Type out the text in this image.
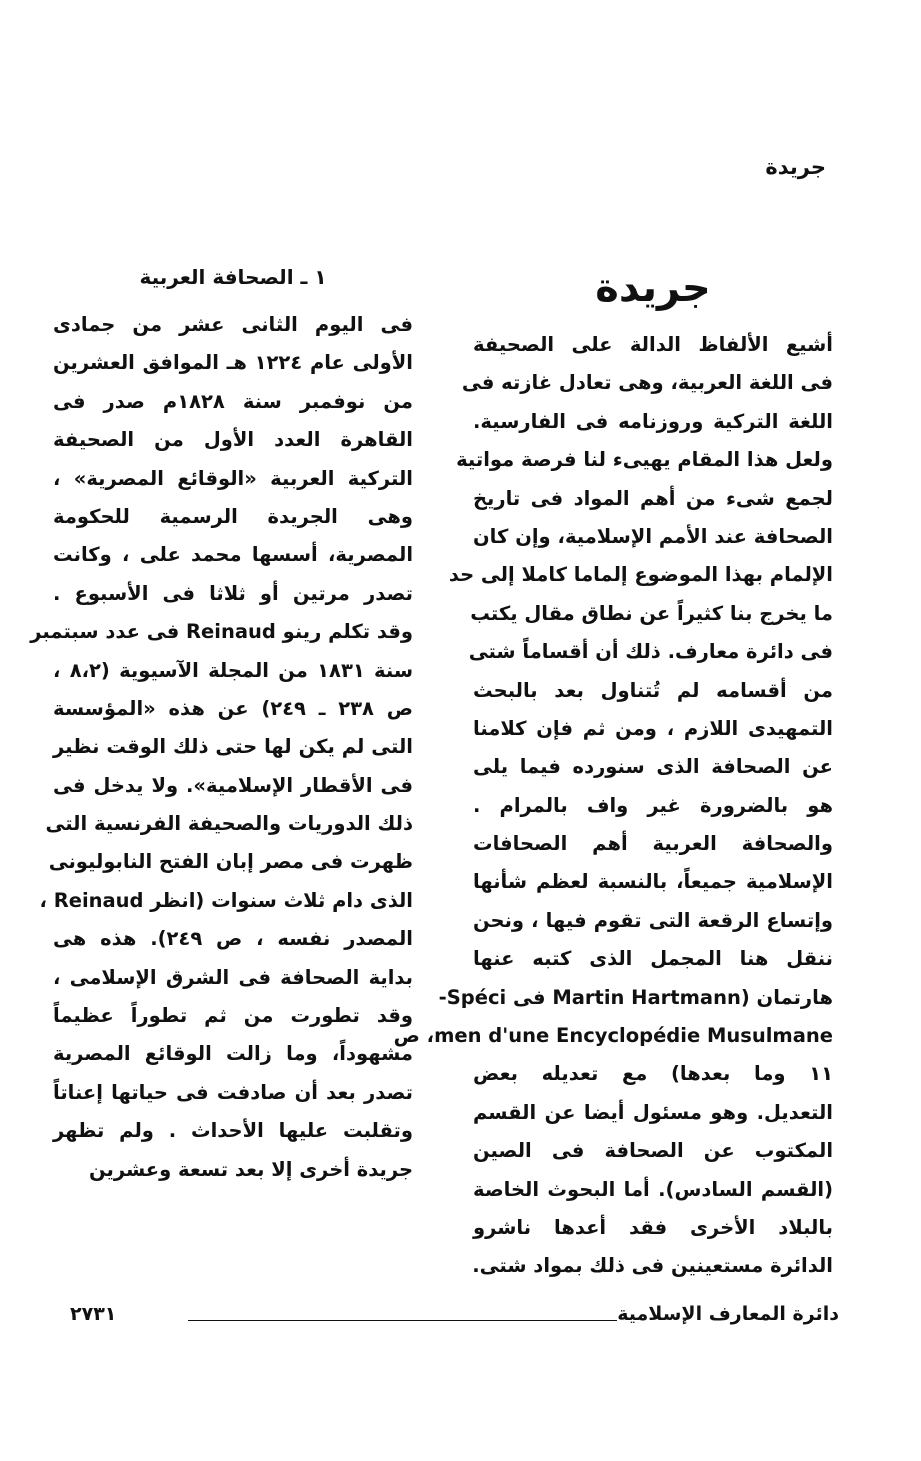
جريدة

جريدة
أشيع الألفاظ الدالة على الصحيفة
فى اللغة العربية، وهى تعادل غازته فى
اللغة التركية وروزنامه فى الفارسية.
ولعل هذا المقام يهيىء لنا فرصة مواتية
لجمع شىء من أهم المواد فى تاريخ
الصحافة عند الأمم الإسلامية، وإن كان
الإلمام بهذا الموضوع إلماما كاملا إلى حد
ما يخرج بنا كثيراً عن نطاق مقال يكتب
فى دائرة معارف. ذلك أن أقساماً شتى
من أقسامه لم تُتناول بعد بالبحث
التمهيدى اللازم ، ومن ثم فإن كلامنا
عن الصحافة الذى سنورده فيما يلى
هو بالضرورة غير واف بالمرام .
والصحافة العربية أهم الصحافات
الإسلامية جميعاً، بالنسبة لعظم شأنها
وإتساع الرقعة التى تقوم فيها ، ونحن
ننقل هنا المجمل الذى كتبه عنها
هارتمان (Martin Hartmann فى Spéci-
men d'une Encyclopédie Musulmane، ص
١١ وما بعدها) مع تعديله بعض
التعديل. وهو مسئول أيضا عن القسم
المكتوب عن الصحافة فى الصين
(القسم السادس). أما البحوث الخاصة
بالبلاد الأخرى فقد أعدها ناشرو
الدائرة مستعينين فى ذلك بمواد شتى.
١ ـ الصحافة العربية
فى اليوم الثانى عشر من جمادى
الأولى عام ١٢٢٤ هـ الموافق العشرين
من نوفمبر سنة ١٨٢٨م صدر فى
القاهرة العدد الأول من الصحيفة
التركية العربية «الوقائع المصرية» ،
وهى الجريدة الرسمية للحكومة
المصرية، أسسها محمد على ، وكانت
تصدر مرتين أو ثلاثا فى الأسبوع .
وقد تكلم رينو Reinaud فى عدد سبتمبر
سنة ١٨٣١ من المجلة الآسيوية (٨،٢ ،
ص ٢٣٨ ـ ٢٤٩) عن هذه «المؤسسة
التى لم يكن لها حتى ذلك الوقت نظير
فى الأقطار الإسلامية». ولا يدخل فى
ذلك الدوريات والصحيفة الفرنسية التى
ظهرت فى مصر إبان الفتح النابوليونى
الذى دام ثلاث سنوات (انظر Reinaud ،
المصدر نفسه ، ص ٢٤٩). هذه هى
بداية الصحافة فى الشرق الإسلامى ،
وقد تطورت من ثم تطوراً عظيماً
مشهوداً، وما زالت الوقائع المصرية
تصدر بعد أن صادفت فى حياتها إعناتاً
وتقلبت عليها الأحداث . ولم تظهر
جريدة أخرى إلا بعد تسعة وعشرين

دائرة المعارف الإسلامية

٢٧٣١
